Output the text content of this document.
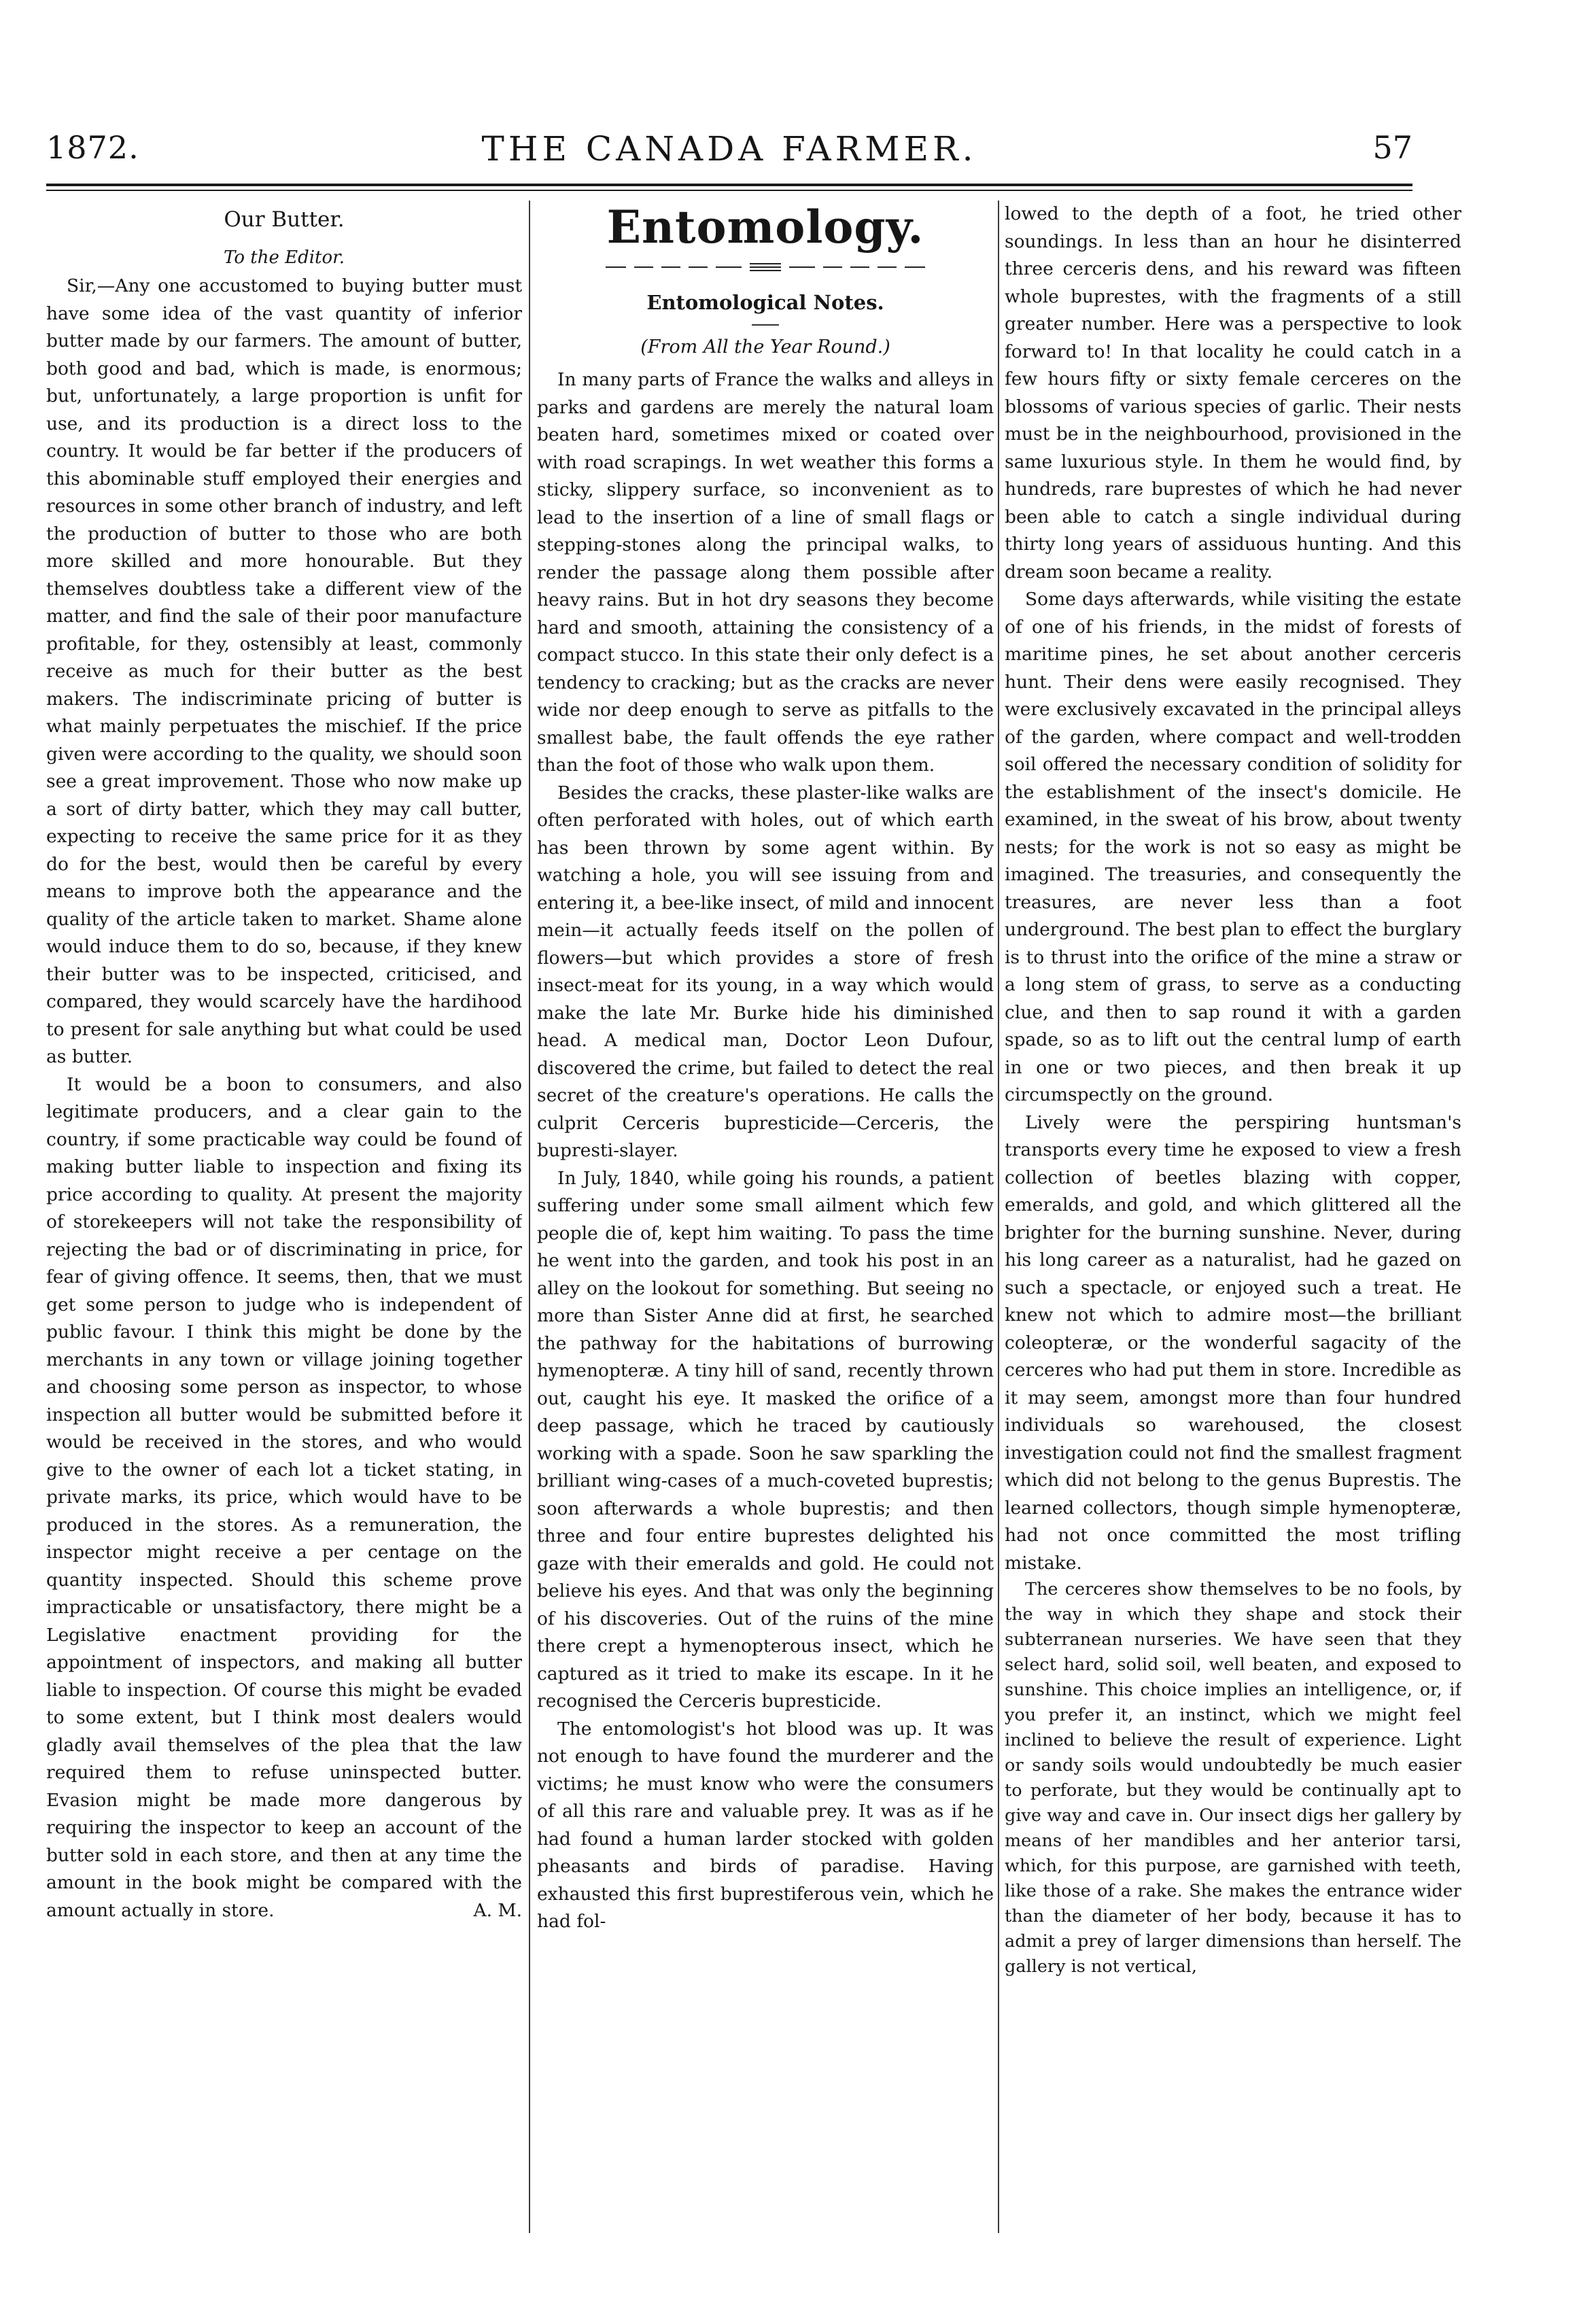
1872.	THE CANADA FARMER.	57
Our Butter.
To the Editor.

Sir,—Any one accustomed to buying butter must have some idea of the vast quantity of inferior butter made by our farmers. The amount of butter, both good and bad, which is made, is enormous; but, unfortunately, a large proportion is unfit for use, and its production is a direct loss to the country. It would be far better if the producers of this abominable stuff employed their energies and resources in some other branch of industry, and left the production of butter to those who are both more skilled and more honourable. But they themselves doubtless take a different view of the matter, and find the sale of their poor manufacture profitable, for they, ostensibly at least, commonly receive as much for their butter as the best makers. The indiscriminate pricing of butter is what mainly perpetuates the mischief. If the price given were according to the quality, we should soon see a great improvement. Those who now make up a sort of dirty batter, which they may call butter, expecting to receive the same price for it as they do for the best, would then be careful by every means to improve both the appearance and the quality of the article taken to market. Shame alone would induce them to do so, because, if they knew their butter was to be inspected, criticised, and compared, they would scarcely have the hardihood to present for sale anything but what could be used as butter.

It would be a boon to consumers, and also legitimate producers, and a clear gain to the country, if some practicable way could be found of making butter liable to inspection and fixing its price according to quality. At present the majority of storekeepers will not take the responsibility of rejecting the bad or of discriminating in price, for fear of giving offence. It seems, then, that we must get some person to judge who is independent of public favour. I think this might be done by the merchants in any town or village joining together and choosing some person as inspector, to whose inspection all butter would be submitted before it would be received in the stores, and who would give to the owner of each lot a ticket stating, in private marks, its price, which would have to be produced in the stores. As a remuneration, the inspector might receive a per centage on the quantity inspected. Should this scheme prove impracticable or unsatisfactory, there might be a Legislative enactment providing for the appointment of inspectors, and making all butter liable to inspection. Of course this might be evaded to some extent, but I think most dealers would gladly avail themselves of the plea that the law required them to refuse uninspected butter. Evasion might be made more dangerous by requiring the inspector to keep an account of the butter sold in each store, and then at any time the amount in the book might be compared with the amount actually in store.	A. M.

Entomology.
Entomological Notes.
(From All the Year Round.)

In many parts of France the walks and alleys in parks and gardens are merely the natural loam beaten hard, sometimes mixed or coated over with road scrapings. In wet weather this forms a sticky, slippery surface, so inconvenient as to lead to the insertion of a line of small flags or stepping-stones along the principal walks, to render the passage along them possible after heavy rains. But in hot dry seasons they become hard and smooth, attaining the consistency of a compact stucco. In this state their only defect is a tendency to cracking; but as the cracks are never wide nor deep enough to serve as pitfalls to the smallest babe, the fault offends the eye rather than the foot of those who walk upon them.

Besides the cracks, these plaster-like walks are often perforated with holes, out of which earth has been thrown by some agent within. By watching a hole, you will see issuing from and entering it, a bee-like insect, of mild and innocent mein—it actually feeds itself on the pollen of flowers—but which provides a store of fresh insect-meat for its young, in a way which would make the late Mr. Burke hide his diminished head. A medical man, Doctor Leon Dufour, discovered the crime, but failed to detect the real secret of the creature's operations. He calls the culprit Cerceris bupresticide—Cerceris, the bupresti-slayer.

In July, 1840, while going his rounds, a patient suffering under some small ailment which few people die of, kept him waiting. To pass the time he went into the garden, and took his post in an alley on the lookout for something. But seeing no more than Sister Anne did at first, he searched the pathway for the habitations of burrowing hymenopteræ. A tiny hill of sand, recently thrown out, caught his eye. It masked the orifice of a deep passage, which he traced by cautiously working with a spade. Soon he saw sparkling the brilliant wing-cases of a much-coveted buprestis; soon afterwards a whole buprestis; and then three and four entire buprestes delighted his gaze with their emeralds and gold. He could not believe his eyes. And that was only the beginning of his discoveries. Out of the ruins of the mine there crept a hymenopterous insect, which he captured as it tried to make its escape. In it he recognised the Cerceris bupresticide.

The entomologist's hot blood was up. It was not enough to have found the murderer and the victims; he must know who were the consumers of all this rare and valuable prey. It was as if he had found a human larder stocked with golden pheasants and birds of paradise. Having exhausted this first buprestiferous vein, which he had fol-

lowed to the depth of a foot, he tried other soundings. In less than an hour he disinterred three cerceris dens, and his reward was fifteen whole buprestes, with the fragments of a still greater number. Here was a perspective to look forward to! In that locality he could catch in a few hours fifty or sixty female cerceres on the blossoms of various species of garlic. Their nests must be in the neighbourhood, provisioned in the same luxurious style. In them he would find, by hundreds, rare buprestes of which he had never been able to catch a single individual during thirty long years of assiduous hunting. And this dream soon became a reality.

Some days afterwards, while visiting the estate of one of his friends, in the midst of forests of maritime pines, he set about another cerceris hunt. Their dens were easily recognised. They were exclusively excavated in the principal alleys of the garden, where compact and well-trodden soil offered the necessary condition of solidity for the establishment of the insect's domicile. He examined, in the sweat of his brow, about twenty nests; for the work is not so easy as might be imagined. The treasuries, and consequently the treasures, are never less than a foot underground. The best plan to effect the burglary is to thrust into the orifice of the mine a straw or a long stem of grass, to serve as a conducting clue, and then to sap round it with a garden spade, so as to lift out the central lump of earth in one or two pieces, and then break it up circumspectly on the ground.

Lively were the perspiring huntsman's transports every time he exposed to view a fresh collection of beetles blazing with copper, emeralds, and gold, and which glittered all the brighter for the burning sunshine. Never, during his long career as a naturalist, had he gazed on such a spectacle, or enjoyed such a treat. He knew not which to admire most—the brilliant coleopteræ, or the wonderful sagacity of the cerceres who had put them in store. Incredible as it may seem, amongst more than four hundred individuals so warehoused, the closest investigation could not find the smallest fragment which did not belong to the genus Buprestis. The learned collectors, though simple hymenopteræ, had not once committed the most trifling mistake.

The cerceres show themselves to be no fools, by the way in which they shape and stock their subterranean nurseries. We have seen that they select hard, solid soil, well beaten, and exposed to sunshine. This choice implies an intelligence, or, if you prefer it, an instinct, which we might feel inclined to believe the result of experience. Light or sandy soils would undoubtedly be much easier to perforate, but they would be continually apt to give way and cave in. Our insect digs her gallery by means of her mandibles and her anterior tarsi, which, for this purpose, are garnished with teeth, like those of a rake. She makes the entrance wider than the diameter of her body, because it has to admit a prey of larger dimensions than herself. The gallery is not vertical,
